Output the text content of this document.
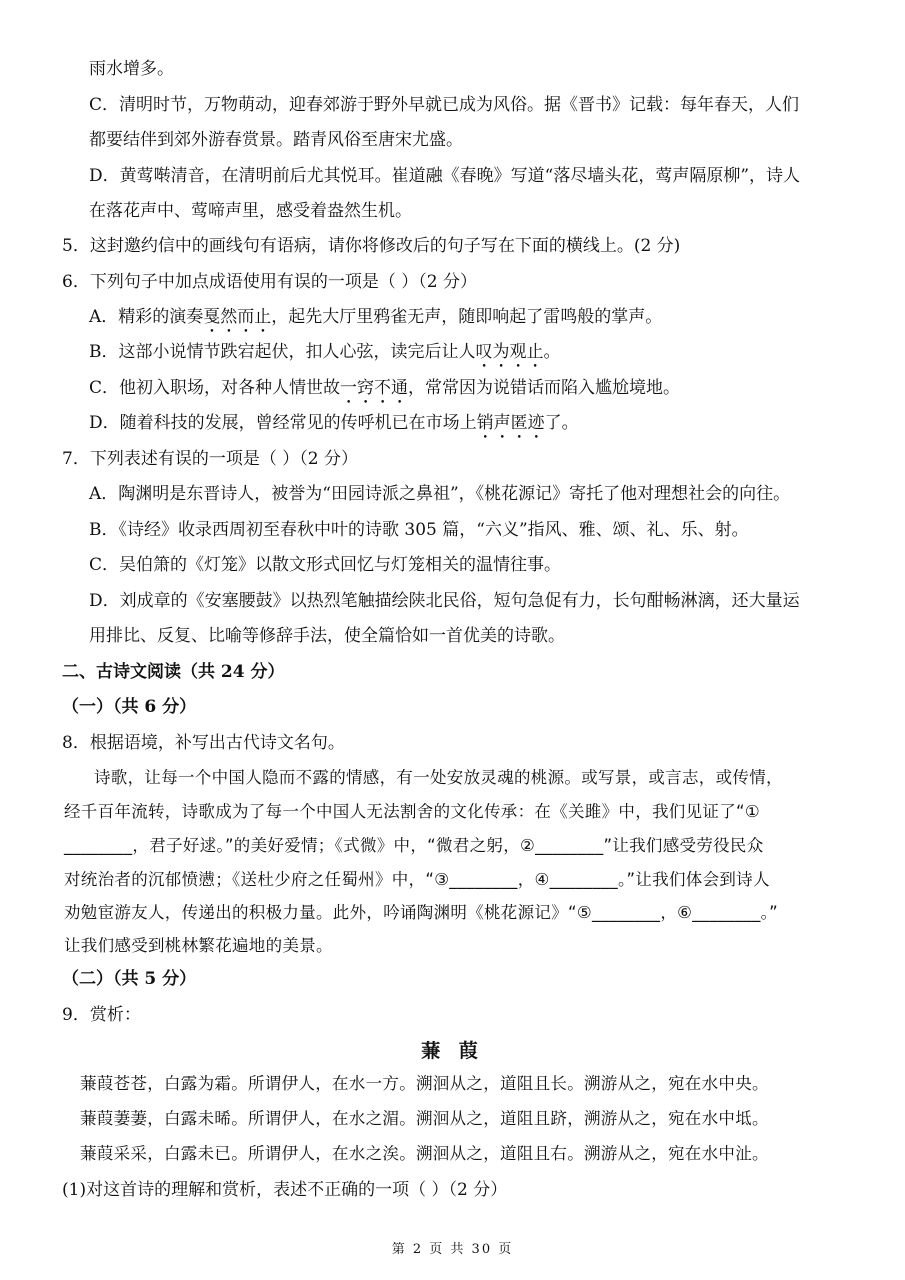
雨水增多。
C．清明时节，万物萌动，迎春郊游于野外早就已成为风俗。据《晋书》记载：每年春天，人们
都要结伴到郊外游春赏景。踏青风俗至唐宋尤盛。
D．黄莺啭清音，在清明前后尤其悦耳。崔道融《春晚》写道“落尽墙头花，莺声隔原柳”，诗人
在落花声中、莺啼声里，感受着盎然生机。
5．这封邀约信中的画线句有语病，请你将修改后的句子写在下面的横线上。(2 分)
6．下列句子中加点成语使用有误的一项是（ ）（2 分）
A．精彩的演奏戛然而止，起先大厅里鸦雀无声，随即响起了雷鸣般的掌声。
B．这部小说情节跌宕起伏，扣人心弦，读完后让人叹为观止。
C．他初入职场，对各种人情世故一窍不通，常常因为说错话而陷入尴尬境地。
D．随着科技的发展，曾经常见的传呼机已在市场上销声匿迹了。
7．下列表述有误的一项是（ ）（2 分）
A．陶渊明是东晋诗人，被誉为“田园诗派之鼻祖”，《桃花源记》寄托了他对理想社会的向往。
B．《诗经》收录西周初至春秋中叶的诗歌 305 篇，“六义”指风、雅、颂、礼、乐、射。
C．吴伯箫的《灯笼》以散文形式回忆与灯笼相关的温情往事。
D．刘成章的《安塞腰鼓》以热烈笔触描绘陕北民俗，短句急促有力，长句酣畅淋漓，还大量运
用排比、反复、比喻等修辞手法，使全篇恰如一首优美的诗歌。
二、古诗文阅读（共 24 分）
（一）（共 6 分）
8．根据语境，补写出古代诗文名句。
诗歌，让每一个中国人隐而不露的情感，有一处安放灵魂的桃源。或写景，或言志，或传情，
经千百年流转，诗歌成为了每一个中国人无法割舍的文化传承：在《关雎》中，我们见证了“①
________，君子好逑。”的美好爱情；《式微》中，“微君之躬，②________”让我们感受劳役民众
对统治者的沉郁愤懑；《送杜少府之任蜀州》中，“③________，④________。”让我们体会到诗人
劝勉宦游友人，传递出的积极力量。此外，吟诵陶渊明《桃花源记》“⑤________，⑥________。”
让我们感受到桃林繁花遍地的美景。
（二）（共 5 分）
9．赏析：
蒹 葭
蒹葭苍苍，白露为霜。所谓伊人，在水一方。溯洄从之，道阻且长。溯游从之，宛在水中央。
蒹葭萋萋，白露未晞。所谓伊人，在水之湄。溯洄从之，道阻且跻，溯游从之，宛在水中坻。
蒹葭采采，白露未已。所谓伊人，在水之涘。溯洄从之，道阻且右。溯游从之，宛在水中沚。
(1)对这首诗的理解和赏析，表述不正确的一项（ ）（2 分）
第 2 页 共 30 页
